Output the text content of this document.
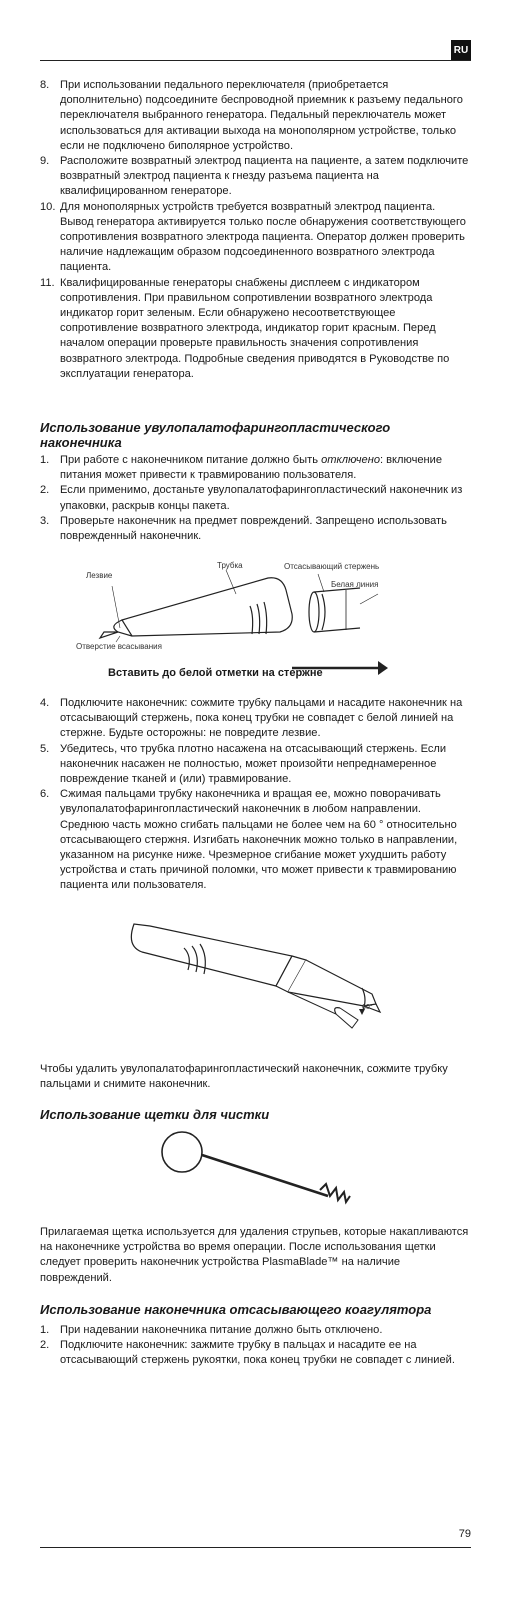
RU
8. При использовании педального переключателя (приобретается дополнительно) подсоедините беспроводной приемник к разъему педального переключателя выбранного генератора. Педальный переключатель может использоваться для активации выхода на монополярном устройстве, только если не подключено биполярное устройство.
9. Расположите возвратный электрод пациента на пациенте, а затем подключите возвратный электрод пациента к гнезду разъема пациента на квалифицированном генераторе.
10. Для монополярных устройств требуется возвратный электрод пациента. Вывод генератора активируется только после обнаружения соответствующего сопротивления возвратного электрода пациента. Оператор должен проверить наличие надлежащим образом подсоединенного возвратного электрода пациента.
11. Квалифицированные генераторы снабжены дисплеем с индикатором сопротивления. При правильном сопротивлении возвратного электрода индикатор горит зеленым. Если обнаружено несоответствующее сопротивление возвратного электрода, индикатор горит красным. Перед началом операции проверьте правильность значения сопротивления возвратного электрода. Подробные сведения приводятся в Руководстве по эксплуатации генератора.
Использование увулопалатофарингопластического наконечника
1. При работе с наконечником питание должно быть отключено: включение питания может привести к травмированию пользователя.
2. Если применимо, достаньте увулопалатофарингопластический наконечник из упаковки, раскрыв концы пакета.
3. Проверьте наконечник на предмет повреждений. Запрещено использовать поврежденный наконечник.
Лезвие
Трубка	Отсасывающий стержень
Белая линия
Отверстие всасывания
Вставить до белой отметки на стержне
4. Подключите наконечник: сожмите трубку пальцами и насадите наконечник на отсасывающий стержень, пока конец трубки не совпадет с белой линией на стержне. Будьте осторожны: не повредите лезвие.
5. Убедитесь, что трубка плотно насажена на отсасывающий стержень. Если наконечник насажен не полностью, может произойти непреднамеренное повреждение тканей и (или) травмирование.
6. Сжимая пальцами трубку наконечника и вращая ее, можно поворачивать увулопалатофарингопластический наконечник в любом направлении. Среднюю часть можно сгибать пальцами не более чем на 60 ° относительно отсасывающего стержня. Изгибать наконечник можно только в направлении, указанном на рисунке ниже. Чрезмерное сгибание может ухудшить работу устройства и стать причиной поломки, что может привести к травмированию пациента или пользователя.
60°

Чтобы удалить увулопалатофарингопластический наконечник, сожмите трубку пальцами и снимите наконечник.

Использование щетки для чистки

Прилагаемая щетка используется для удаления струпьев, которые накапливаются на наконечнике устройства во время операции. После использования щетки следует проверить наконечник устройства PlasmaBlade™ на наличие повреждений.

Использование наконечника отсасывающего коагулятора
1. При надевании наконечника питание должно быть отключено.
2. Подключите наконечник: зажмите трубку в пальцах и насадите ее на отсасывающий стержень рукоятки, пока конец трубки не совпадет с линией.
79
